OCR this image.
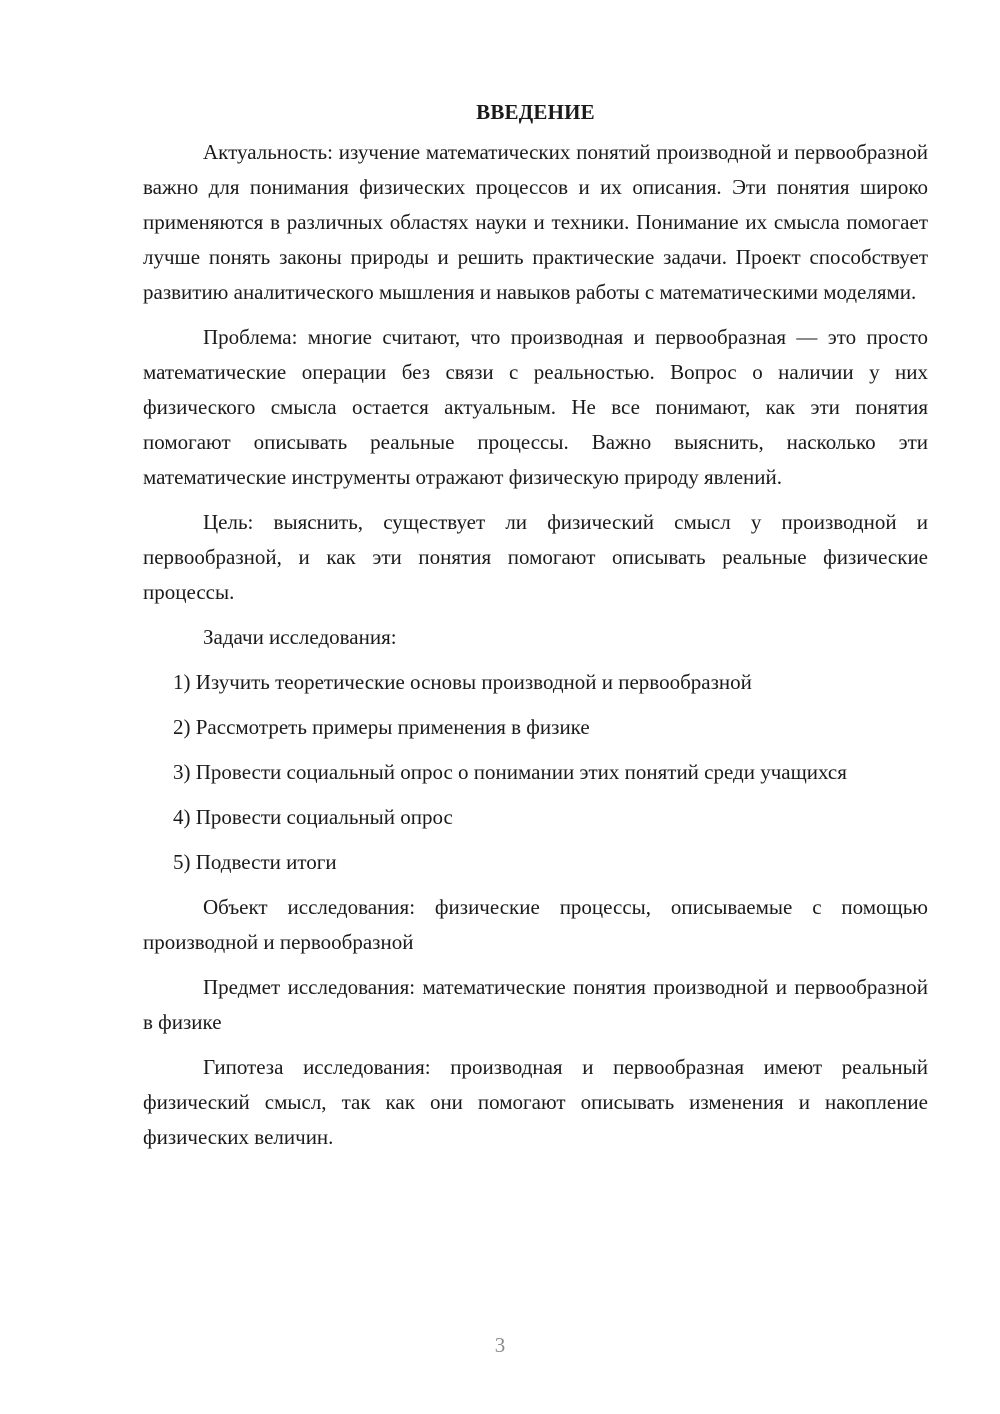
ВВЕДЕНИЕ

Актуальность: изучение математических понятий производной и первообразной важно для понимания физических процессов и их описания. Эти понятия широко применяются в различных областях науки и техники. Понимание их смысла помогает лучше понять законы природы и решить практические задачи. Проект способствует развитию аналитического мышления и навыков работы с математическими моделями.

Проблема: многие считают, что производная и первообразная — это просто математические операции без связи с реальностью. Вопрос о наличии у них физического смысла остается актуальным. Не все понимают, как эти понятия помогают описывать реальные процессы. Важно выяснить, насколько эти математические инструменты отражают физическую природу явлений.

Цель: выяснить, существует ли физический смысл у производной и первообразной, и как эти понятия помогают описывать реальные физические процессы.

Задачи исследования:

1) Изучить теоретические основы производной и первообразной

2) Рассмотреть примеры применения в физике

3) Провести социальный опрос о понимании этих понятий среди учащихся

4) Провести социальный опрос

5) Подвести итоги

Объект исследования: физические процессы, описываемые с помощью производной и первообразной

Предмет исследования: математические понятия производной и первообразной в физике

Гипотеза исследования: производная и первообразная имеют реальный физический смысл, так как они помогают описывать изменения и накопление физических величин.

3
